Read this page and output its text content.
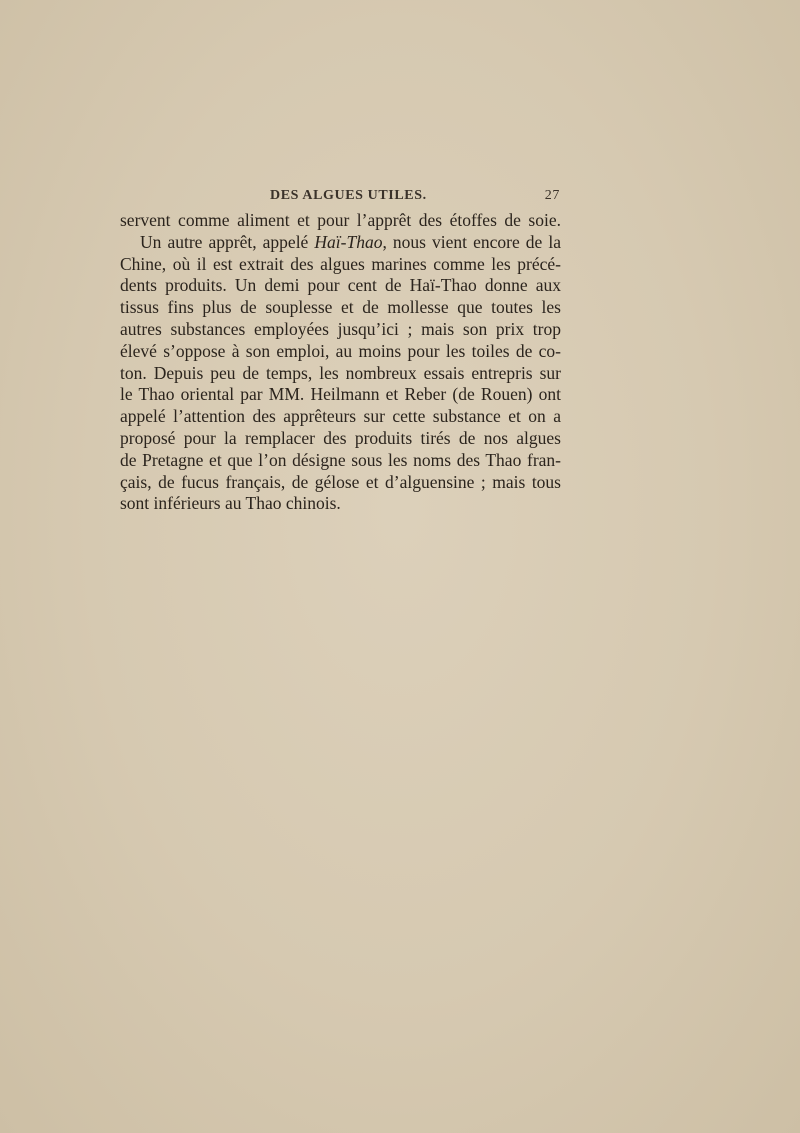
DES ALGUES UTILES.	27
servent comme aliment et pour l’apprêt des étoffes de soie.
Un autre apprêt, appelé Haï-Thao, nous vient encore de la
Chine, où il est extrait des algues marines comme les précé-
dents produits. Un demi pour cent de Haï-Thao donne aux
tissus fins plus de souplesse et de mollesse que toutes les
autres substances employées jusqu’ici ; mais son prix trop
élevé s’oppose à son emploi, au moins pour les toiles de co-
ton. Depuis peu de temps, les nombreux essais entrepris sur
le Thao oriental par MM. Heilmann et Reber (de Rouen) ont
appelé l’attention des apprêteurs sur cette substance et on a
proposé pour la remplacer des produits tirés de nos algues
de Pretagne et que l’on désigne sous les noms des Thao fran-
çais, de fucus français, de gélose et d’alguensine ; mais tous
sont inférieurs au Thao chinois.
